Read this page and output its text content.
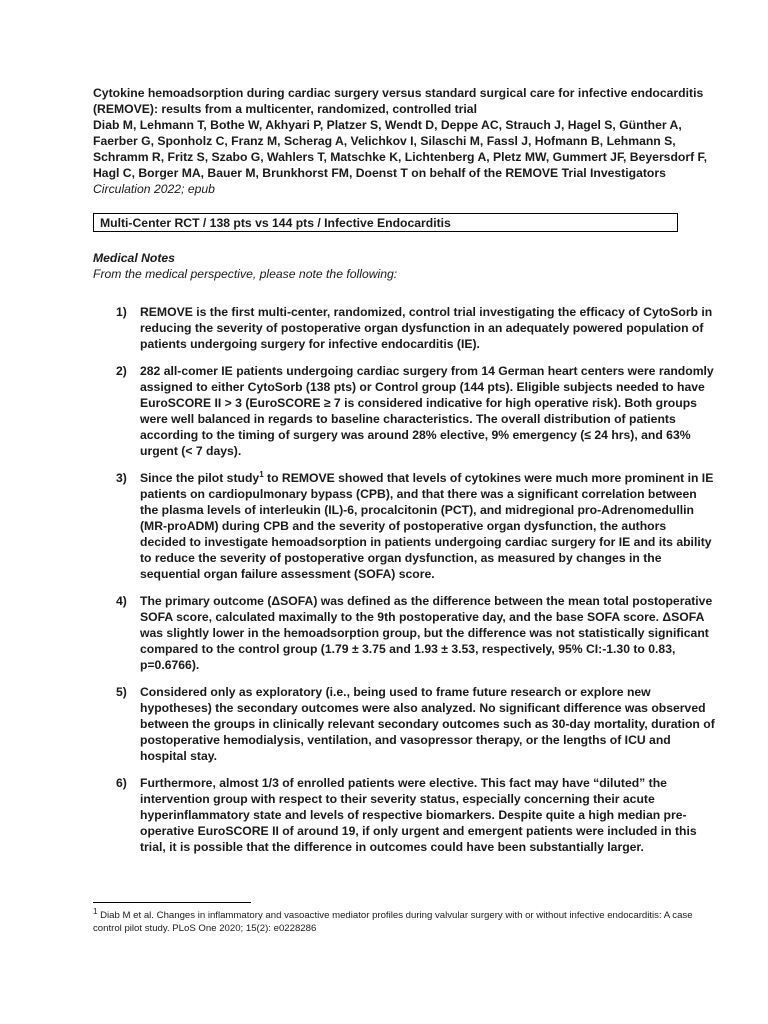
Cytokine hemoadsorption during cardiac surgery versus standard surgical care for infective endocarditis (REMOVE): results from a multicenter, randomized, controlled trial

Diab M, Lehmann T, Bothe W, Akhyari P, Platzer S, Wendt D, Deppe AC, Strauch J, Hagel S, Günther A, Faerber G, Sponholz C, Franz M, Scherag A, Velichkov I, Silaschi M, Fassl J, Hofmann B, Lehmann S, Schramm R, Fritz S, Szabo G, Wahlers T, Matschke K, Lichtenberg A, Pletz MW, Gummert JF, Beyersdorf F, Hagl C, Borger MA, Bauer M, Brunkhorst FM, Doenst T on behalf of the REMOVE Trial Investigators

Circulation 2022; epub

Multi-Center RCT / 138 pts vs 144 pts / Infective Endocarditis
Medical Notes
From the medical perspective, please note the following:
1) REMOVE is the first multi-center, randomized, control trial investigating the efficacy of CytoSorb in reducing the severity of postoperative organ dysfunction in an adequately powered population of patients undergoing surgery for infective endocarditis (IE).
2) 282 all-comer IE patients undergoing cardiac surgery from 14 German heart centers were randomly assigned to either CytoSorb (138 pts) or Control group (144 pts). Eligible subjects needed to have EuroSCORE II > 3 (EuroSCORE ≥ 7 is considered indicative for high operative risk). Both groups were well balanced in regards to baseline characteristics. The overall distribution of patients according to the timing of surgery was around 28% elective, 9% emergency (≤ 24 hrs), and 63% urgent (< 7 days).
3) Since the pilot study$^1$ to REMOVE showed that levels of cytokines were much more prominent in IE patients on cardiopulmonary bypass (CPB), and that there was a significant correlation between the plasma levels of interleukin (IL)-6, procalcitonin (PCT), and midregional pro-Adrenomedullin (MR-proADM) during CPB and the severity of postoperative organ dysfunction, the authors decided to investigate hemoadsorption in patients undergoing cardiac surgery for IE and its ability to reduce the severity of postoperative organ dysfunction, as measured by changes in the sequential organ failure assessment (SOFA) score.
4) The primary outcome (ΔSOFA) was defined as the difference between the mean total postoperative SOFA score, calculated maximally to the 9th postoperative day, and the base SOFA score. ΔSOFA was slightly lower in the hemoadsorption group, but the difference was not statistically significant compared to the control group (1.79 ± 3.75 and 1.93 ± 3.53, respectively, 95% CI:-1.30 to 0.83, p=0.6766).
5) Considered only as exploratory (i.e., being used to frame future research or explore new hypotheses) the secondary outcomes were also analyzed. No significant difference was observed between the groups in clinically relevant secondary outcomes such as 30-day mortality, duration of postoperative hemodialysis, ventilation, and vasopressor therapy, or the lengths of ICU and hospital stay.
6) Furthermore, almost 1/3 of enrolled patients were elective. This fact may have “diluted” the intervention group with respect to their severity status, especially concerning their acute hyperinflammatory state and levels of respective biomarkers. Despite quite a high median pre-operative EuroSCORE II of around 19, if only urgent and emergent patients were included in this trial, it is possible that the difference in outcomes could have been substantially larger.
$^1$ Diab M et al. Changes in inflammatory and vasoactive mediator profiles during valvular surgery with or without infective endocarditis: A case control pilot study. PLoS One 2020; 15(2): e0228286
